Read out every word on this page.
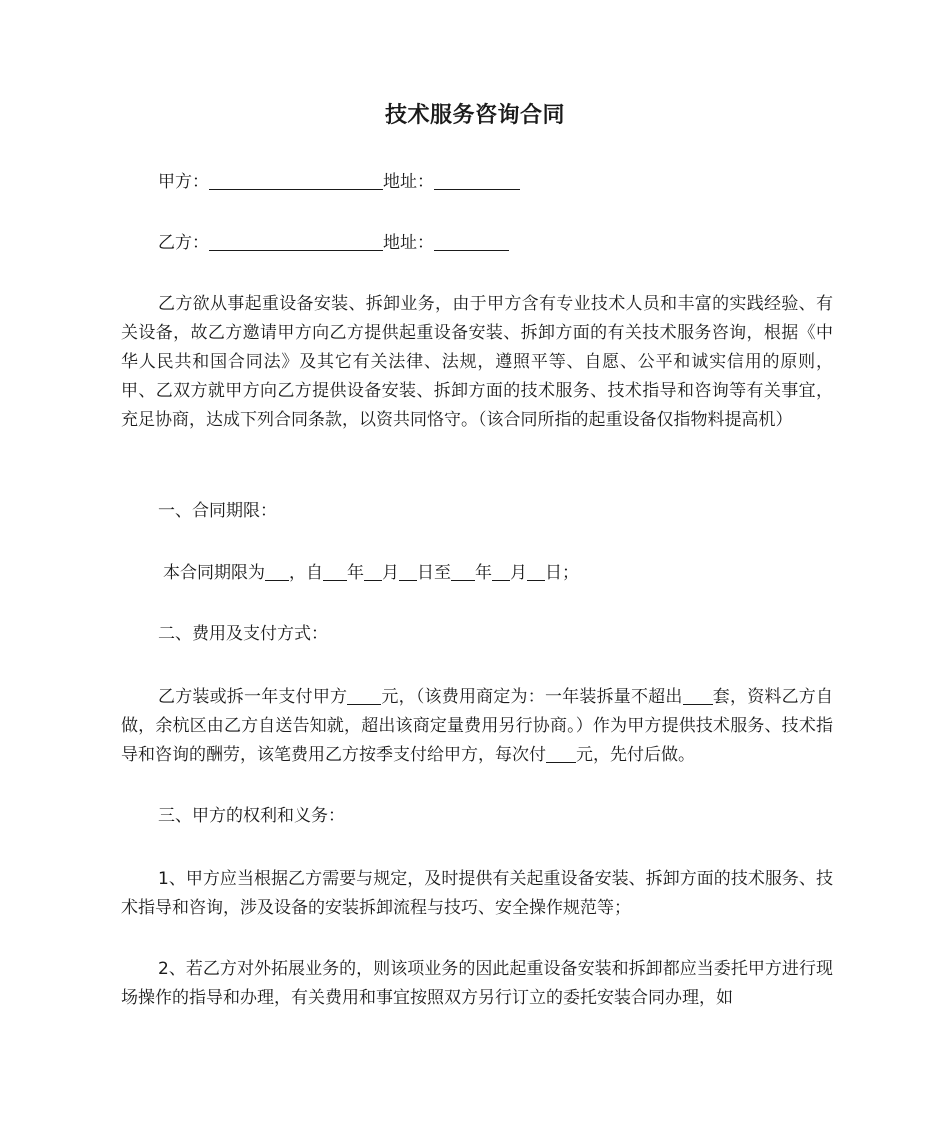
技术服务咨询合同
甲方：	地址：
乙方：	地址：
乙方欲从事起重设备安装、拆卸业务，由于甲方含有专业技术人员和丰富的实践经验、有关设备，故乙方邀请甲方向乙方提供起重设备安装、拆卸方面的有关技术服务咨询，根据《中华人民共和国合同法》及其它有关法律、法规，遵照平等、自愿、公平和诚实信用的原则，甲、乙双方就甲方向乙方提供设备安装、拆卸方面的技术服务、技术指导和咨询等有关事宜，充足协商，达成下列合同条款，以资共同恪守。（该合同所指的起重设备仅指物料提高机）
一、合同期限：
本合同期限为 ，自 年 月 日至 年 月 日；
二、费用及支付方式：
乙方装或拆一年支付甲方 元，（该费用商定为：一年装拆量不超出 套，资料乙方自做，余杭区由乙方自送告知就，超出该商定量费用另行协商。）作为甲方提供技术服务、技术指导和咨询的酬劳，该笔费用乙方按季支付给甲方，每次付 元，先付后做。
三、甲方的权利和义务：
1、甲方应当根据乙方需要与规定，及时提供有关起重设备安装、拆卸方面的技术服务、技术指导和咨询，涉及设备的安装拆卸流程与技巧、安全操作规范等；
2、若乙方对外拓展业务的，则该项业务的因此起重设备安装和拆卸都应当委托甲方进行现场操作的指导和办理，有关费用和事宜按照双方另行订立的委托安装合同办理，如
